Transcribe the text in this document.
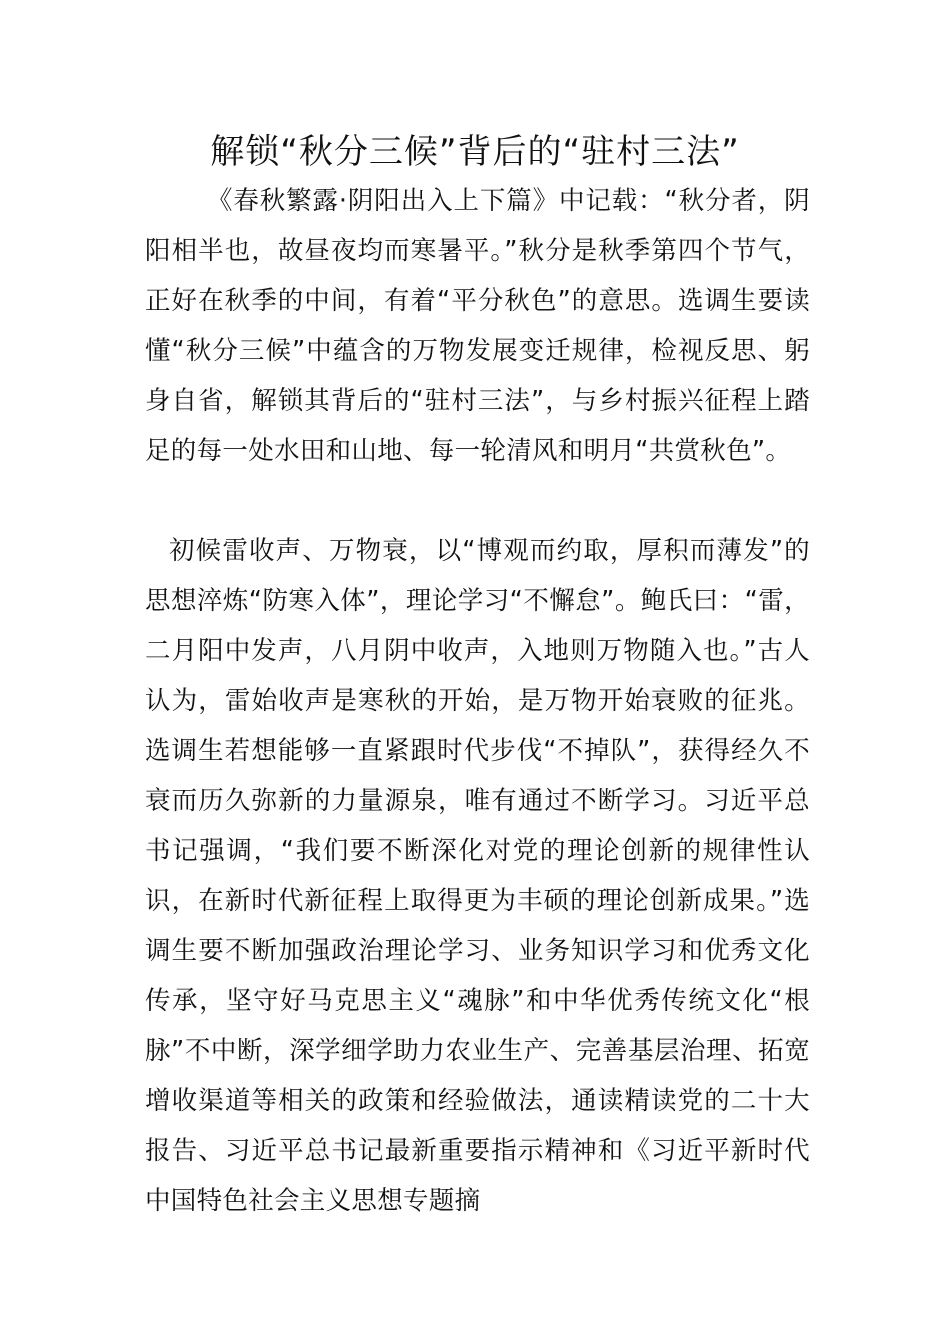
解锁“秋分三候”背后的“驻村三法”

《春秋繁露·阴阳出入上下篇》中记载：“秋分者，阴阳相半也，故昼夜均而寒暑平。”秋分是秋季第四个节气，正好在秋季的中间，有着“平分秋色”的意思。选调生要读懂“秋分三候”中蕴含的万物发展变迁规律，检视反思、躬身自省，解锁其背后的“驻村三法”，与乡村振兴征程上踏足的每一处水田和山地、每一轮清风和明月“共赏秋色”。

初候雷收声、万物衰，以“博观而约取，厚积而薄发”的思想淬炼“防寒入体”，理论学习“不懈怠”。鲍氏曰：“雷，二月阳中发声，八月阴中收声，入地则万物随入也。”古人认为，雷始收声是寒秋的开始，是万物开始衰败的征兆。选调生若想能够一直紧跟时代步伐“不掉队”，获得经久不衰而历久弥新的力量源泉，唯有通过不断学习。习近平总书记强调，“我们要不断深化对党的理论创新的规律性认识，在新时代新征程上取得更为丰硕的理论创新成果。”选调生要不断加强政治理论学习、业务知识学习和优秀文化传承，坚守好马克思主义“魂脉”和中华优秀传统文化“根脉”不中断，深学细学助力农业生产、完善基层治理、拓宽增收渠道等相关的政策和经验做法，通读精读党的二十大报告、习近平总书记最新重要指示精神和《习近平新时代中国特色社会主义思想专题摘
